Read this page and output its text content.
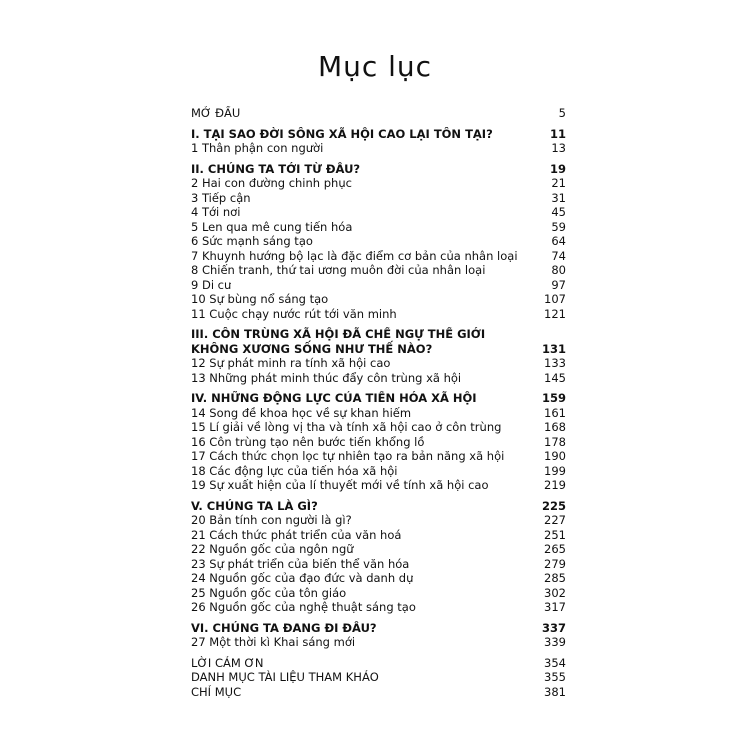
Mục lục
MỞ ĐẦU	5
I. TẠI SAO ĐỜI SỐNG XÃ HỘI CAO LẠI TỒN TẠI?	11
1 Thân phận con người	13
II. CHÚNG TA TỚI TỪ ĐÂU?	19
2 Hai con đường chinh phục	21
3 Tiếp cận	31
4 Tới nơi	45
5 Len qua mê cung tiến hóa	59
6 Sức mạnh sáng tạo	64
7 Khuynh hướng bộ lạc là đặc điểm cơ bản của nhân loại	74
8 Chiến tranh, thứ tai ương muôn đời của nhân loại	80
9 Di cư	97
10 Sự bùng nổ sáng tạo	107
11 Cuộc chạy nước rút tới văn minh	121
III. CÔN TRÙNG XÃ HỘI ĐÃ CHẾ NGỰ THẾ GIỚI
KHÔNG XƯƠNG SỐNG NHƯ THẾ NÀO?	131
12 Sự phát minh ra tính xã hội cao	133
13 Những phát minh thúc đẩy côn trùng xã hội	145
IV. NHỮNG ĐỘNG LỰC CỦA TIẾN HÓA XÃ HỘI	159
14 Song đề khoa học về sự khan hiếm	161
15 Lí giải về lòng vị tha và tính xã hội cao ở côn trùng	168
16 Côn trùng tạo nên bước tiến khổng lồ	178
17 Cách thức chọn lọc tự nhiên tạo ra bản năng xã hội	190
18 Các động lực của tiến hóa xã hội	199
19 Sự xuất hiện của lí thuyết mới về tính xã hội cao	219
V. CHÚNG TA LÀ GÌ?	225
20 Bản tính con người là gì?	227
21 Cách thức phát triển của văn hoá	251
22 Nguồn gốc của ngôn ngữ	265
23 Sự phát triển của biến thể văn hóa	279
24 Nguồn gốc của đạo đức và danh dự	285
25 Nguồn gốc của tôn giáo	302
26 Nguồn gốc của nghệ thuật sáng tạo	317
VI. CHÚNG TA ĐANG ĐI ĐÂU?	337
27 Một thời kì Khai sáng mới	339
LỜI CẢM ƠN	354
DANH MỤC TÀI LIỆU THAM KHẢO	355
CHỈ MỤC	381
